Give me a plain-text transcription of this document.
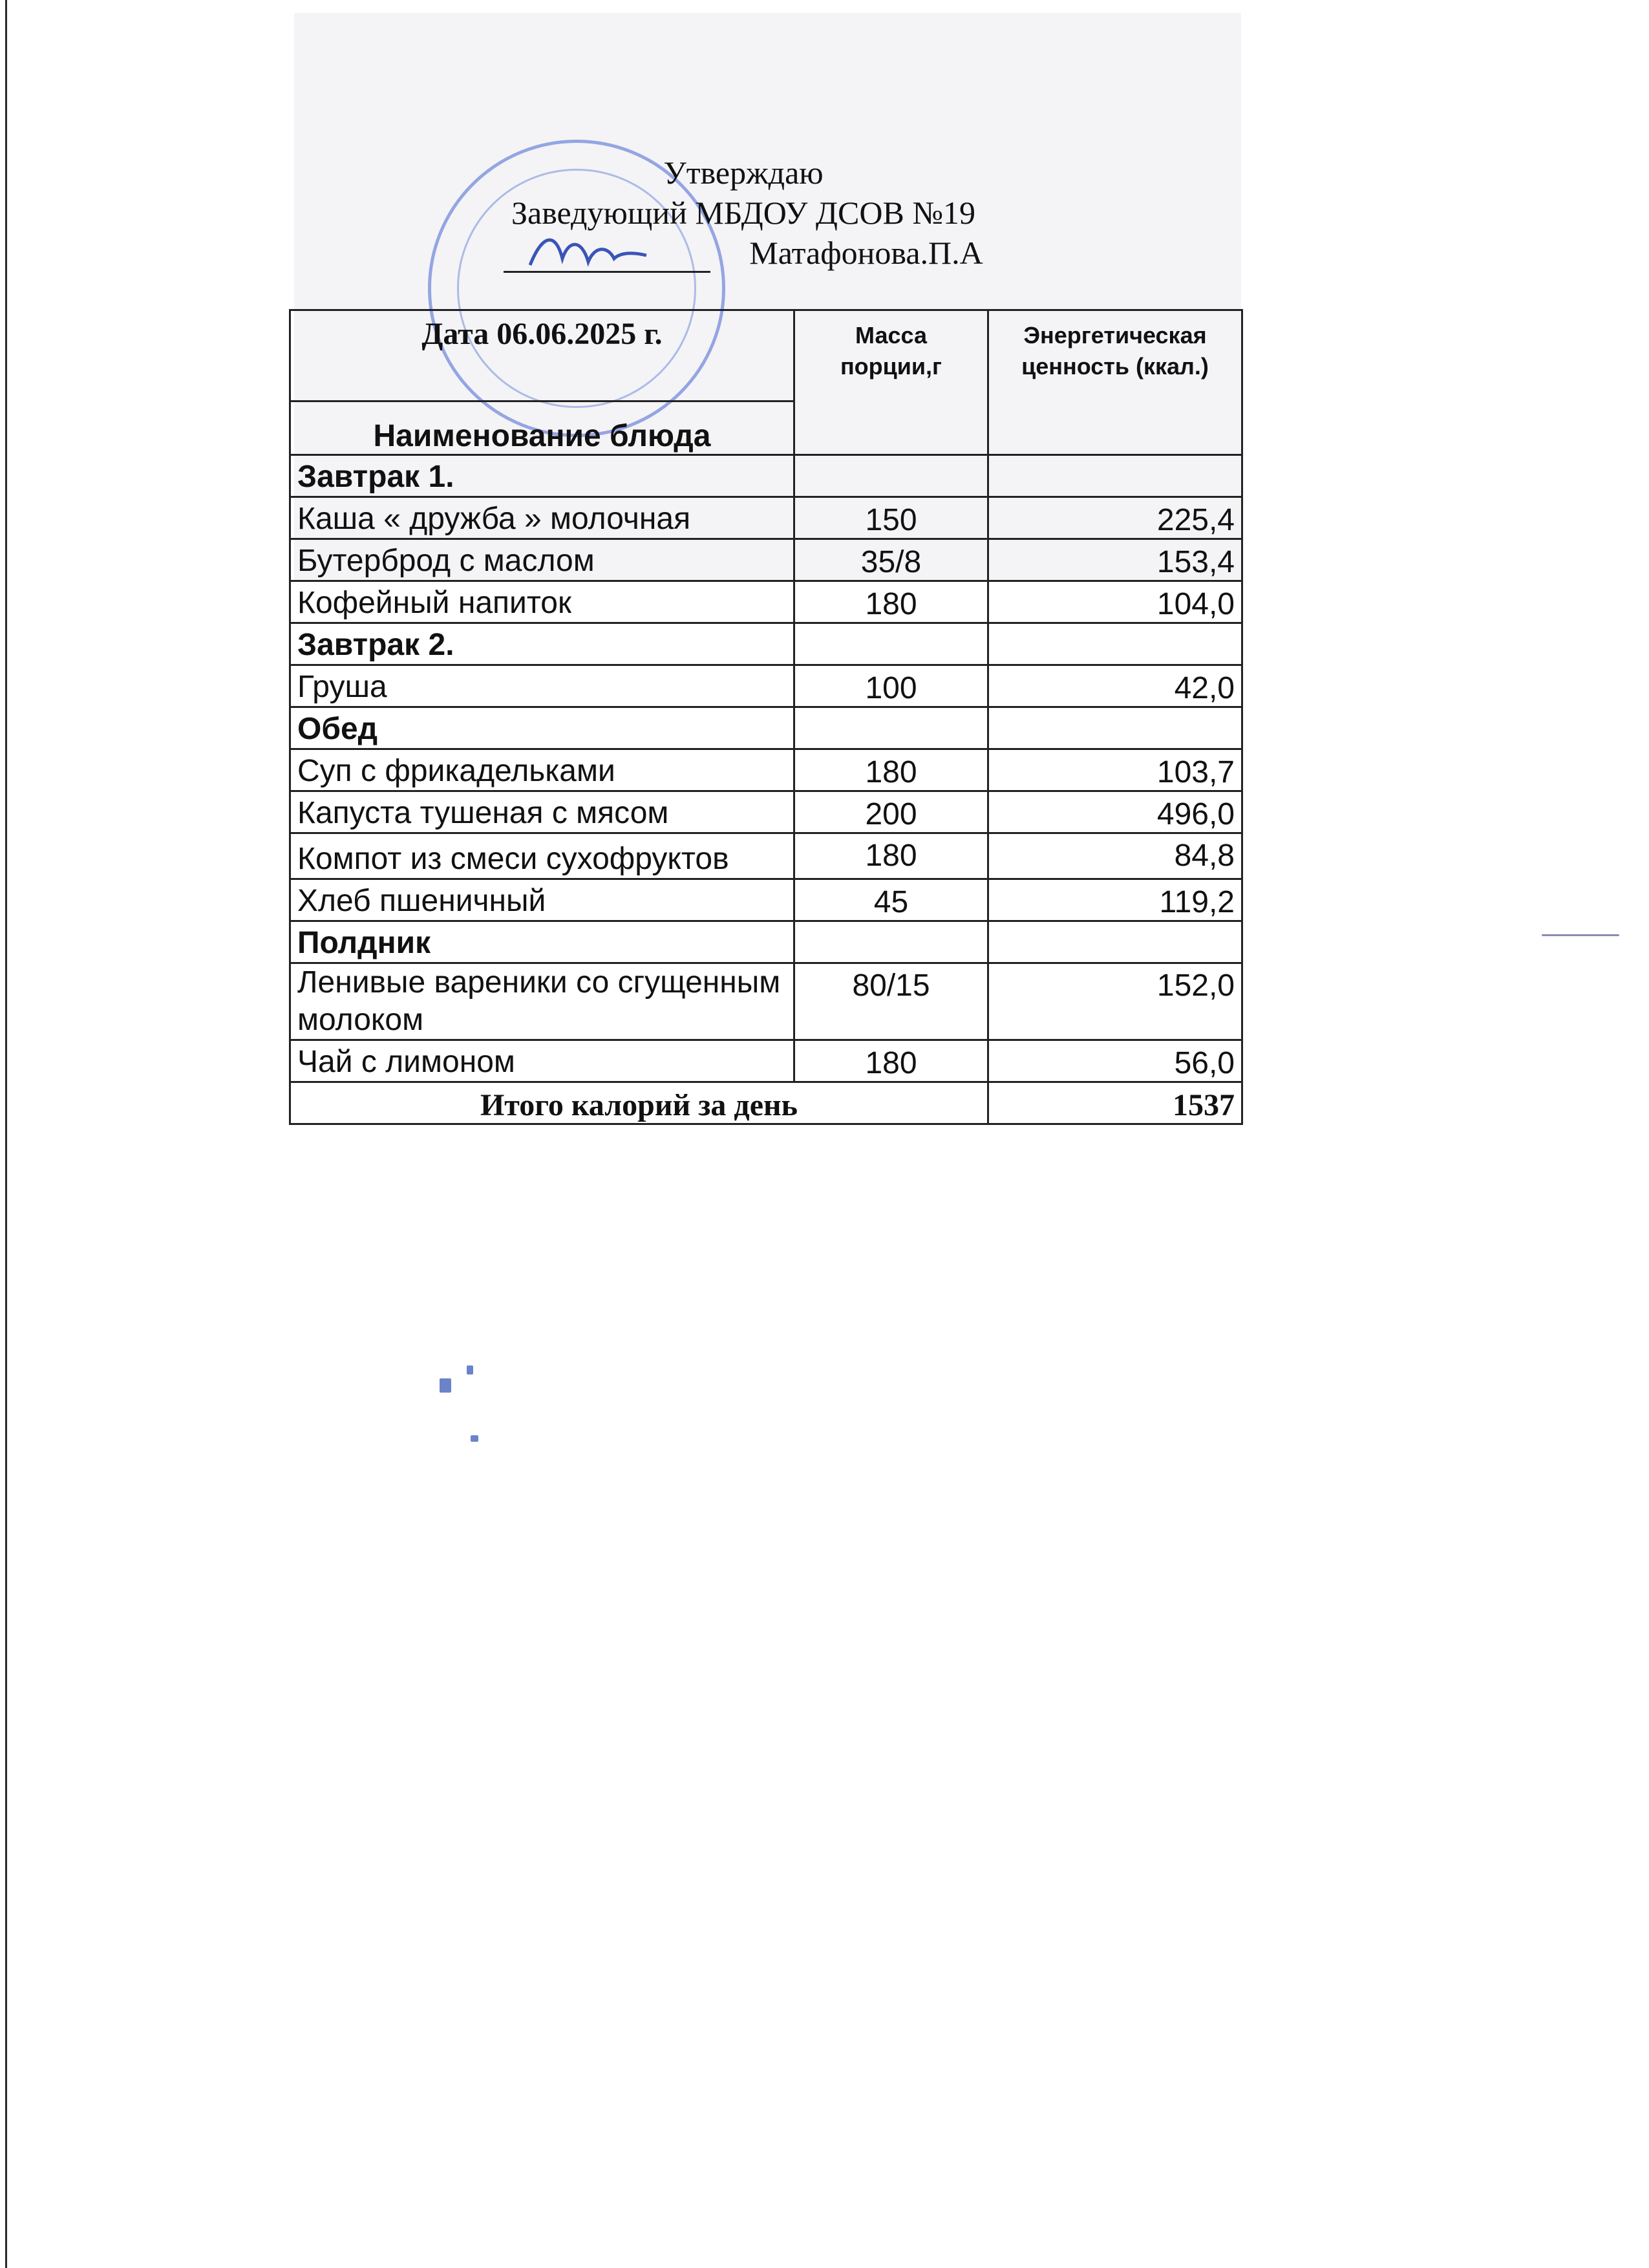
Утверждаю
Заведующий МБДОУ ДСОВ №19
Матафонова.П.А
Дата 06.06.2025 г.	Масса порции,г	Энергетическая ценность (ккал.)
Наименование блюда		
Завтрак 1.		
Каша « дружба » молочная	150	225,4
Бутерброд с маслом	35/8	153,4
Кофейный напиток	180	104,0
Завтрак 2.		
Груша	100	42,0
Обед		
Суп с фрикадельками	180	103,7
Капуста тушеная с мясом	200	496,0
Компот из смеси сухофруктов	180	84,8
Хлеб пшеничный	45	119,2
Полдник		
Ленивые вареники со сгущенным молоком	80/15	152,0
Чай с лимоном	180	56,0
Итого калорий за день		1537
